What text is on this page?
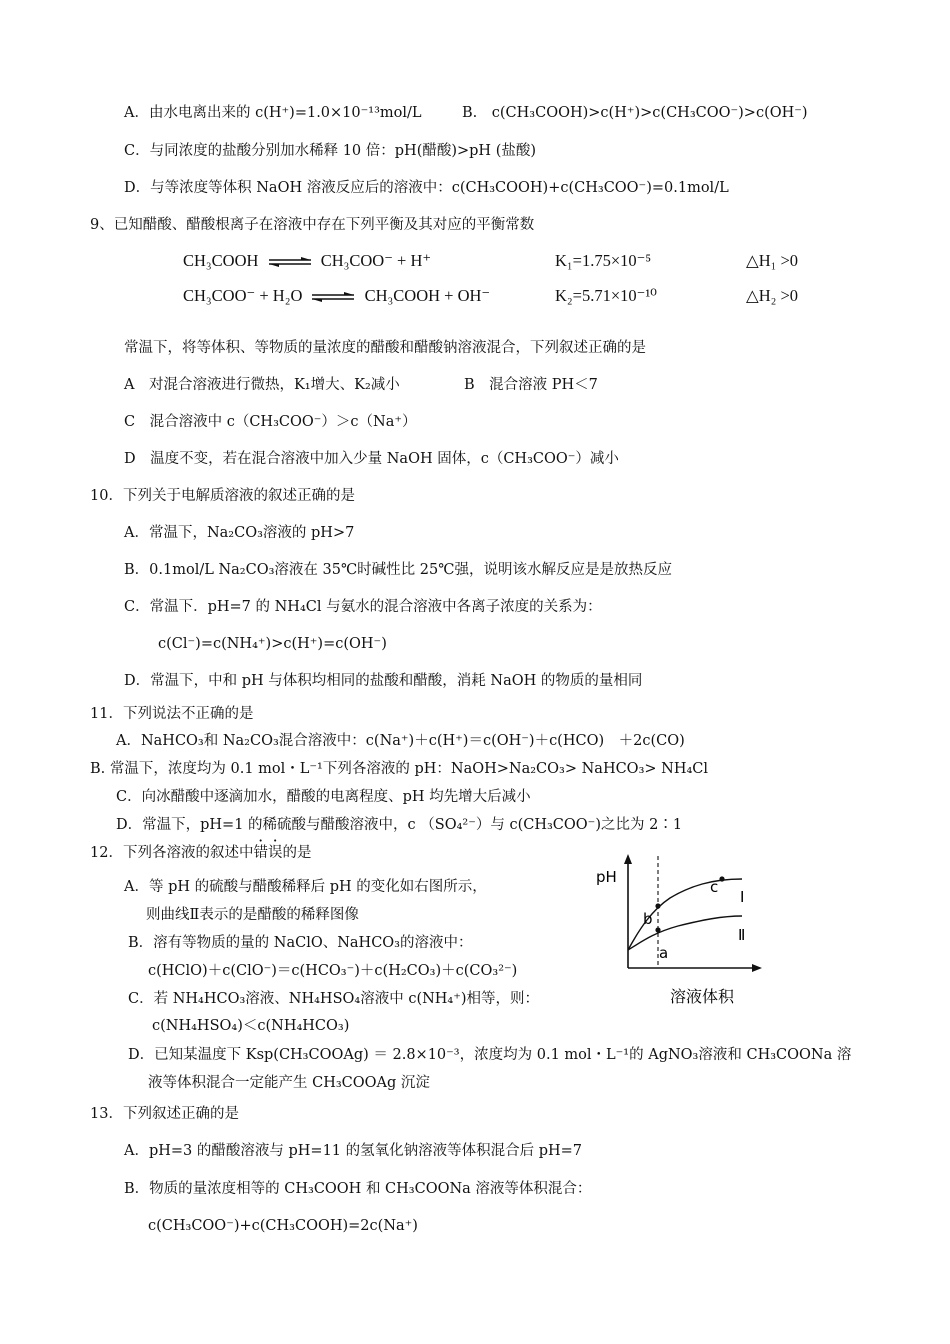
A．由水电离出来的 c(H⁺)=1.0×10⁻¹³mol/L	B.　c(CH₃COOH)>c(H⁺)>c(CH₃COO⁻)>c(OH⁻)
C．与同浓度的盐酸分别加水稀释 10 倍：pH(醋酸)>pH (盐酸)
D．与等浓度等体积 NaOH 溶液反应后的溶液中：c(CH₃COOH)+c(CH₃COO⁻)=0.1mol/L
9、已知醋酸、醋酸根离子在溶液中存在下列平衡及其对应的平衡常数
CH₃COOH ⇌ CH₃COO⁻ + H⁺	K₁=1.75×10⁻⁵	△H₁ >0
CH₃COO⁻ + H₂O ⇌ CH₃COOH + OH⁻	K₂=5.71×10⁻¹⁰	△H₂ >0
常温下，将等体积、等物质的量浓度的醋酸和醋酸钠溶液混合，下列叙述正确的是
A　对混合溶液进行微热，K₁增大、K₂减小	B　混合溶液 PH＜7
C　混合溶液中 c（CH₃COO⁻）＞c（Na⁺）
D　温度不变，若在混合溶液中加入少量 NaOH 固体，c（CH₃COO⁻）减小
10．下列关于电解质溶液的叙述正确的是
A．常温下，Na₂CO₃溶液的 pH>7
B．0.1mol/L Na₂CO₃溶液在 35℃时碱性比 25℃强，说明该水解反应是是放热反应
C．常温下．pH=7 的 NH₄Cl 与氨水的混合溶液中各离子浓度的关系为：
c(Cl⁻)=c(NH₄⁺)>c(H⁺)=c(OH⁻)
D．常温下，中和 pH 与体积均相同的盐酸和醋酸，消耗 NaOH 的物质的量相同
11．下列说法不正确的是
A．NaHCO₃和 Na₂CO₃混合溶液中：c(Na⁺)＋c(H⁺)＝c(OH⁻)＋c(HCO)　＋2c(CO)
B. 常温下，浓度均为 0.1 mol・L⁻¹下列各溶液的 pH：NaOH>Na₂CO₃> NaHCO₃> NH₄Cl
C．向冰醋酸中逐滴加水，醋酸的电离程度、pH 均先增大后减小
D．常温下，pH=1 的稀硫酸与醋酸溶液中，c （SO₄²⁻）与 c(CH₃COO⁻)之比为 2∶1
12．下列各溶液的叙述中错误的是
A．等 pH 的硫酸与醋酸稀释后 pH 的变化如右图所示，
则曲线Ⅱ表示的是醋酸的稀释图像
B．溶有等物质的量的 NaClO、NaHCO₃的溶液中：
c(HClO)＋c(ClO⁻)＝c(HCO₃⁻)＋c(H₂CO₃)＋c(CO₃²⁻)
C．若 NH₄HCO₃溶液、NH₄HSO₄溶液中 c(NH₄⁺)相等，则：
c(NH₄HSO₄)＜c(NH₄HCO₃)
D．已知某温度下 Ksp(CH₃COOAg) ＝ 2.8×10⁻³，浓度均为 0.1 mol・L⁻¹的 AgNO₃溶液和 CH₃COONa 溶
液等体积混合一定能产生 CH₃COOAg 沉淀
pH
c
b
a
Ⅰ
Ⅱ
溶液体积
13．下列叙述正确的是
A．pH=3 的醋酸溶液与 pH=11 的氢氧化钠溶液等体积混合后 pH=7
B．物质的量浓度相等的 CH₃COOH 和 CH₃COONa 溶液等体积混合：
c(CH₃COO⁻)+c(CH₃COOH)=2c(Na⁺)
